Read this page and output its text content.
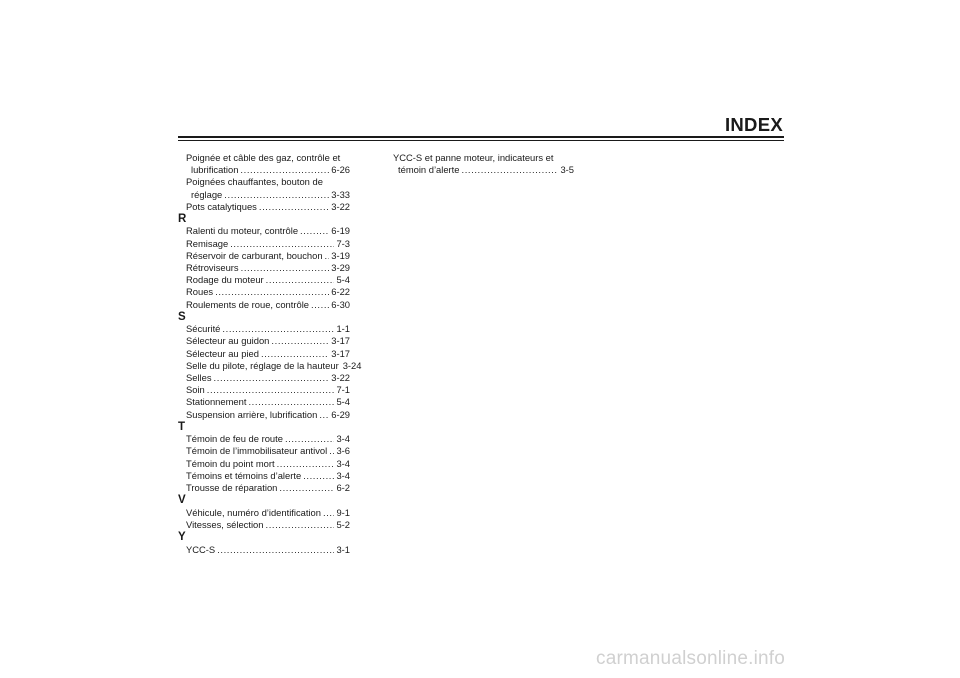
INDEX
Poignée et câble des gaz, contrôle et
lubrification .....	6-26
Poignées chauffantes, bouton de
réglage .....	3-33
Pots catalytiques .....	3-22
R
Ralenti du moteur, contrôle .....	6-19
Remisage .....	7-3
Réservoir de carburant, bouchon ..... 3-19
Rétroviseurs .....	3-29
Rodage du moteur .....	5-4
Roues .....	6-22
Roulements de roue, contrôle ..... 6-30
S
Sécurité .....	1-1
Sélecteur au guidon .....	3-17
Sélecteur au pied .....	3-17
Selle du pilote, réglage de la hauteur 3-24
Selles .....	3-22
Soin .....	7-1
Stationnement .....	5-4
Suspension arrière, lubrification ..... 6-29
T
Témoin de feu de route .....	3-4
Témoin de l’immobilisateur antivol ..... 3-6
Témoin du point mort .....	3-4
Témoins et témoins d’alerte .....	3-4
Trousse de réparation .....	6-2
V
Véhicule, numéro d’identification ..... 9-1
Vitesses, sélection .....	5-2
Y
YCC-S .....	3-1
YCC-S et panne moteur, indicateurs et
témoin d’alerte .....	3-5
carmanualsonline.info
